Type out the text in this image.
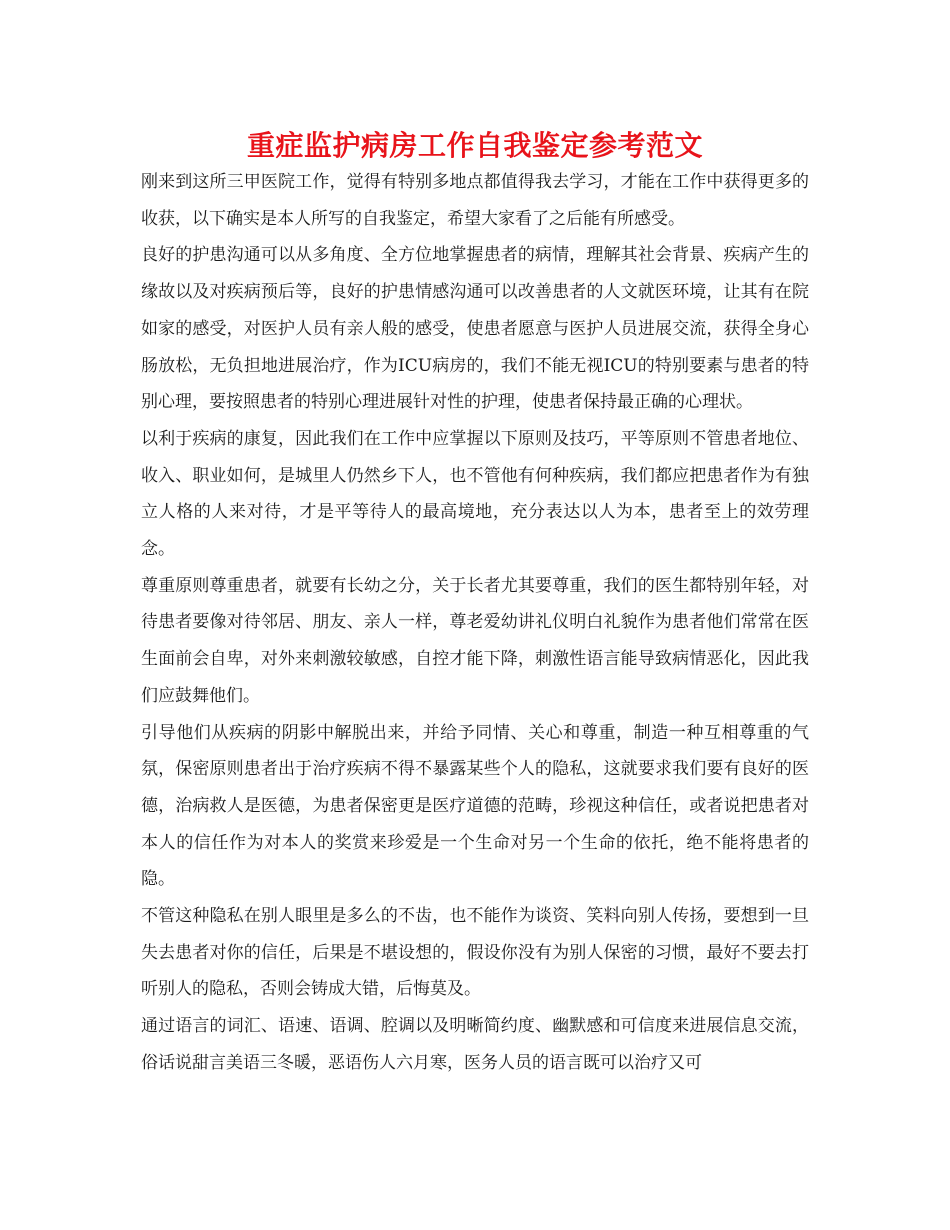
重症监护病房工作自我鉴定参考范文

刚来到这所三甲医院工作，觉得有特别多地点都值得我去学习，才能在工作中获得更多的收获，以下确实是本人所写的自我鉴定，希望大家看了之后能有所感受。

良好的护患沟通可以从多角度、全方位地掌握患者的病情，理解其社会背景、疾病产生的缘故以及对疾病预后等，良好的护患情感沟通可以改善患者的人文就医环境，让其有在院如家的感受，对医护人员有亲人般的感受，使患者愿意与医护人员进展交流，获得全身心肠放松，无负担地进展治疗，作为ICU病房的，我们不能无视ICU的特别要素与患者的特别心理，要按照患者的特别心理进展针对性的护理，使患者保持最正确的心理状。

以利于疾病的康复，因此我们在工作中应掌握以下原则及技巧，平等原则不管患者地位、收入、职业如何，是城里人仍然乡下人，也不管他有何种疾病，我们都应把患者作为有独立人格的人来对待，才是平等待人的最高境地，充分表达以人为本，患者至上的效劳理念。

尊重原则尊重患者，就要有长幼之分，关于长者尤其要尊重，我们的医生都特别年轻，对待患者要像对待邻居、朋友、亲人一样，尊老爱幼讲礼仪明白礼貌作为患者他们常常在医生面前会自卑，对外来刺激较敏感，自控才能下降，刺激性语言能导致病情恶化，因此我们应鼓舞他们。

引导他们从疾病的阴影中解脱出来，并给予同情、关心和尊重，制造一种互相尊重的气氛，保密原则患者出于治疗疾病不得不暴露某些个人的隐私，这就要求我们要有良好的医德，治病救人是医德，为患者保密更是医疗道德的范畴，珍视这种信任，或者说把患者对本人的信任作为对本人的奖赏来珍爱是一个生命对另一个生命的依托，绝不能将患者的隐。

不管这种隐私在别人眼里是多么的不齿，也不能作为谈资、笑料向别人传扬，要想到一旦失去患者对你的信任，后果是不堪设想的，假设你没有为别人保密的习惯，最好不要去打听别人的隐私，否则会铸成大错，后悔莫及。

通过语言的词汇、语速、语调、腔调以及明晰简约度、幽默感和可信度来进展信息交流，俗话说甜言美语三冬暖，恶语伤人六月寒，医务人员的语言既可以治疗又可
